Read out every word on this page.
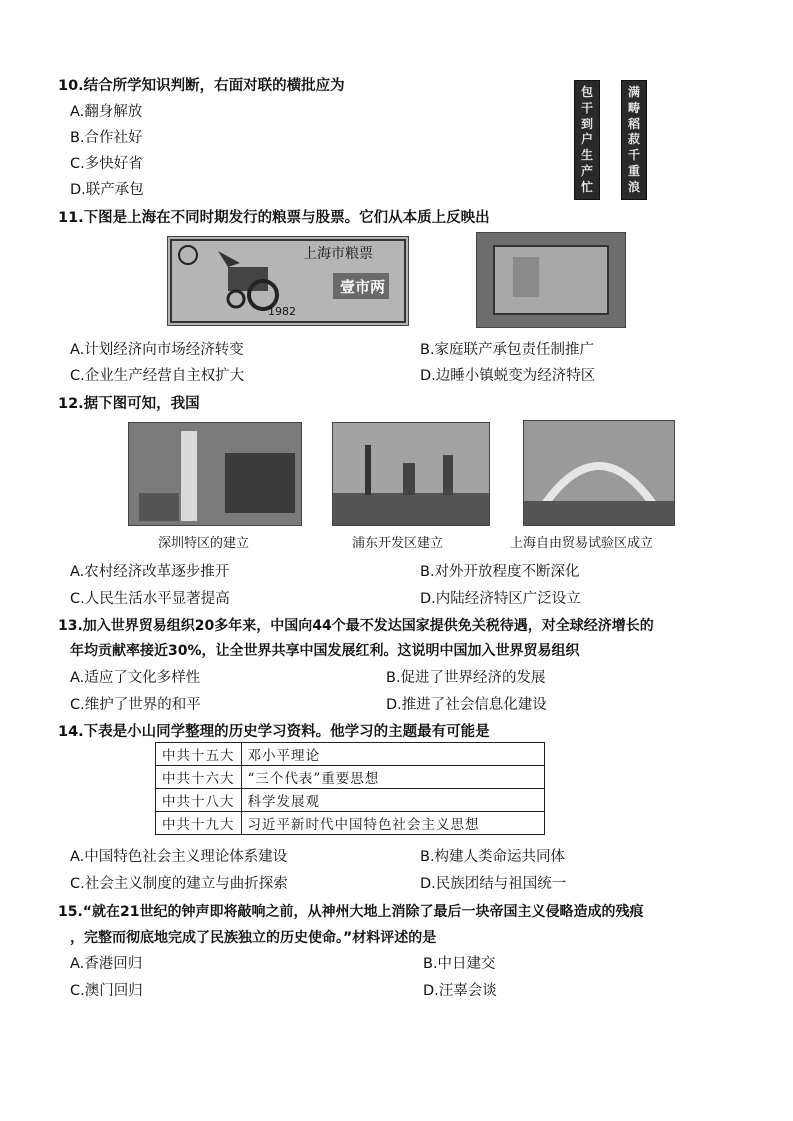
10.结合所学知识判断，右面对联的横批应为
A.翻身解放
B.合作社好
C.多快好省
D.联产承包
包
干
到
户
生
产
忙
满
畴
稻
菽
千
重
浪
11.下图是上海在不同时期发行的粮票与股票。它们从本质上反映出
上海市粮票
壹市两
1982
A.计划经济向市场经济转变	B.家庭联产承包责任制推广
C.企业生产经营自主权扩大	D.边睡小镇蜕变为经济特区
12.据下图可知，我国
深圳特区的建立	浦东开发区建立	上海自由贸易试验区成立
A.农村经济改革逐步推开	B.对外开放程度不断深化
C.人民生活水平显著提高	D.内陆经济特区广泛设立
13.加入世界贸易组织20多年来，中国向44个最不发达国家提供免关税待遇，对全球经济增长的
年均贡献率接近30%，让全世界共享中国发展红利。这说明中国加入世界贸易组织
A.适应了文化多样性	B.促进了世界经济的发展
C.维护了世界的和平	D.推进了社会信息化建设
14.下表是小山同学整理的历史学习资料。他学习的主题最有可能是
中共十五大	邓小平理论
中共十六大	“三个代表”重要思想
中共十八大	科学发展观
中共十九大	习近平新时代中国特色社会主义思想
A.中国特色社会主义理论体系建设	B.构建人类命运共同体
C.社会主义制度的建立与曲折探索	D.民族团结与祖国统一
15.“就在21世纪的钟声即将敲响之前，从神州大地上消除了最后一块帝国主义侵略造成的残痕
，完整而彻底地完成了民族独立的历史使命。”材料评述的是
A.香港回归	B.中日建交
C.澳门回归	D.汪辜会谈
